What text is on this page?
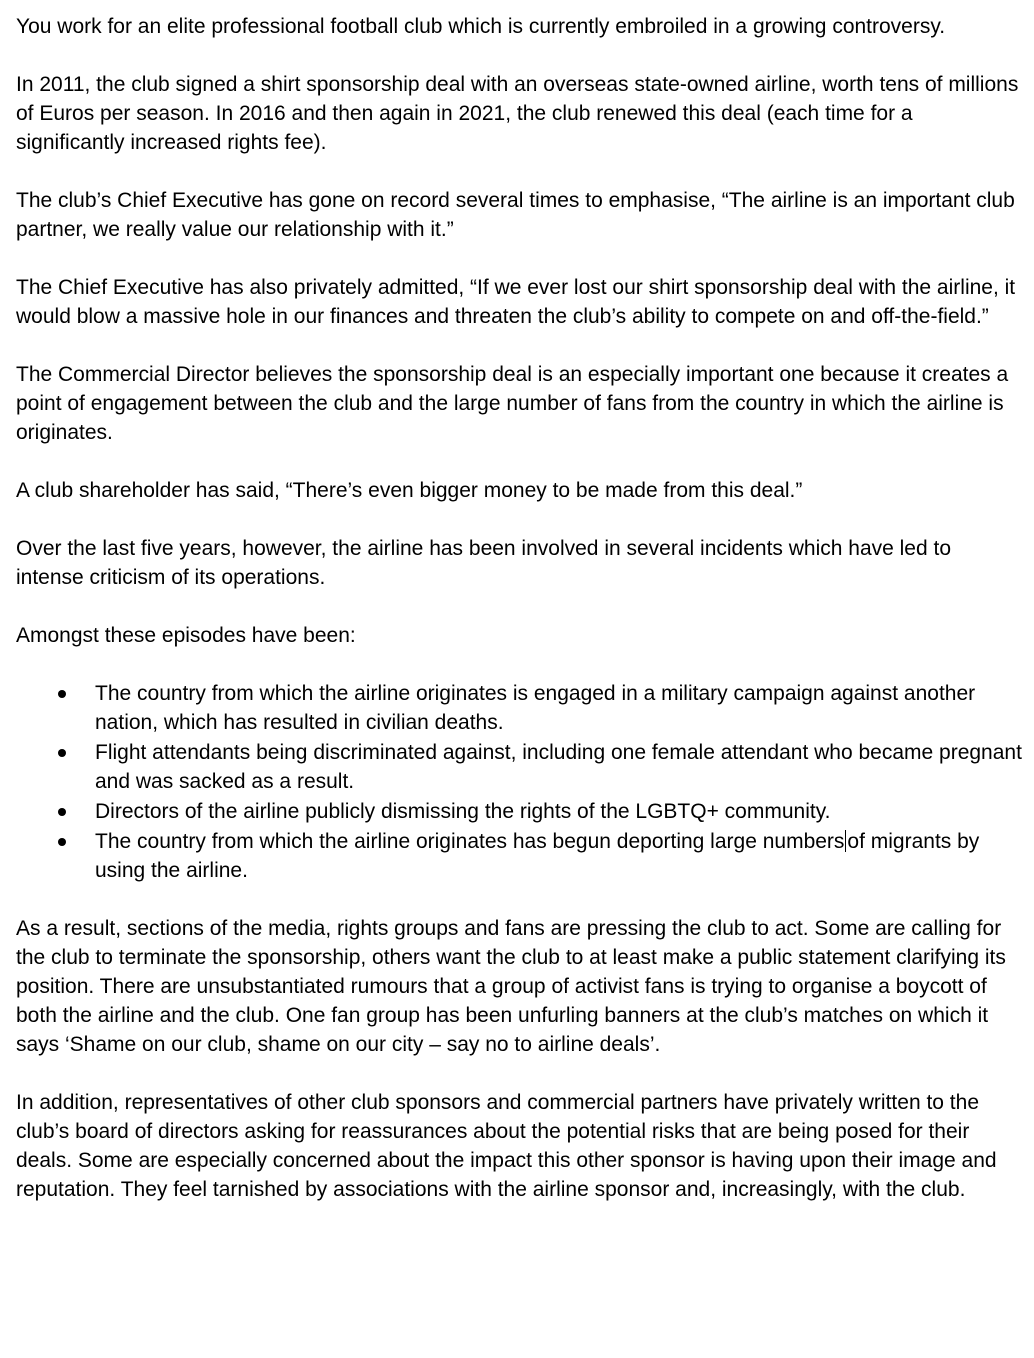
You work for an elite professional football club which is currently embroiled in a growing controversy.

In 2011, the club signed a shirt sponsorship deal with an overseas state-owned airline, worth tens of millions of Euros per season. In 2016 and then again in 2021, the club renewed this deal (each time for a significantly increased rights fee).

The club’s Chief Executive has gone on record several times to emphasise, “The airline is an important club partner, we really value our relationship with it.”

The Chief Executive has also privately admitted, “If we ever lost our shirt sponsorship deal with the airline, it would blow a massive hole in our finances and threaten the club’s ability to compete on and off-the-field.”

The Commercial Director believes the sponsorship deal is an especially important one because it creates a point of engagement between the club and the large number of fans from the country in which the airline is originates.

A club shareholder has said, “There’s even bigger money to be made from this deal.”

Over the last five years, however, the airline has been involved in several incidents which have led to intense criticism of its operations.

Amongst these episodes have been:

The country from which the airline originates is engaged in a military campaign against another nation, which has resulted in civilian deaths.
Flight attendants being discriminated against, including one female attendant who became pregnant and was sacked as a result.
Directors of the airline publicly dismissing the rights of the LGBTQ+ community.
The country from which the airline originates has begun deporting large numbers of migrants by using the airline.

As a result, sections of the media, rights groups and fans are pressing the club to act. Some are calling for the club to terminate the sponsorship, others want the club to at least make a public statement clarifying its position. There are unsubstantiated rumours that a group of activist fans is trying to organise a boycott of both the airline and the club. One fan group has been unfurling banners at the club’s matches on which it says ‘Shame on our club, shame on our city – say no to airline deals’.

In addition, representatives of other club sponsors and commercial partners have privately written to the club’s board of directors asking for reassurances about the potential risks that are being posed for their deals. Some are especially concerned about the impact this other sponsor is having upon their image and reputation. They feel tarnished by associations with the airline sponsor and, increasingly, with the club.
